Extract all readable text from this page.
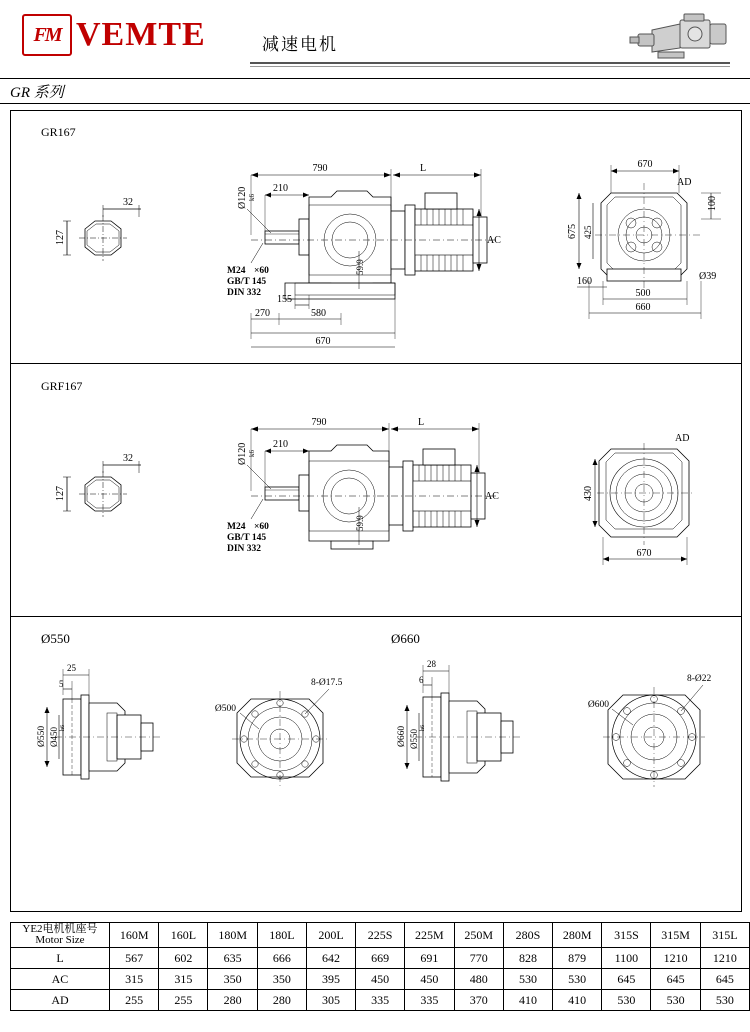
FM VEMTE	减速电机
GR 系列
GR167
32
127
790	L
210
Ø120 k6
M24 ×60
GB/T 145
DIN 332
59.9
AC
155
270	580
670
670
AD
675 425
100
160
500
660
Ø39
GRF167
32
127
790	L
210
Ø120 k6
M24 ×60
GB/T 145
DIN 332
59.9
AC	430
670
AD
Ø550	Ø660
25
5
Ø550 Ø450 h6
8-Ø17.5
Ø500
28
6
Ø660 Ø550
h6
8-Ø22
Ø600
YE2电机机座号
Motor Size	160M	160L	180M	180L	200L	225S	225M	250M	280S	280M	315S	315M	315L
L	567	602	635	666	642	669	691	770	828	879	1100	1210	1210
AC	315	315	350	350	395	450	450	480	530	530	645	645	645
AD	255	255	280	280	305	335	335	370	410	410	530	530	530
